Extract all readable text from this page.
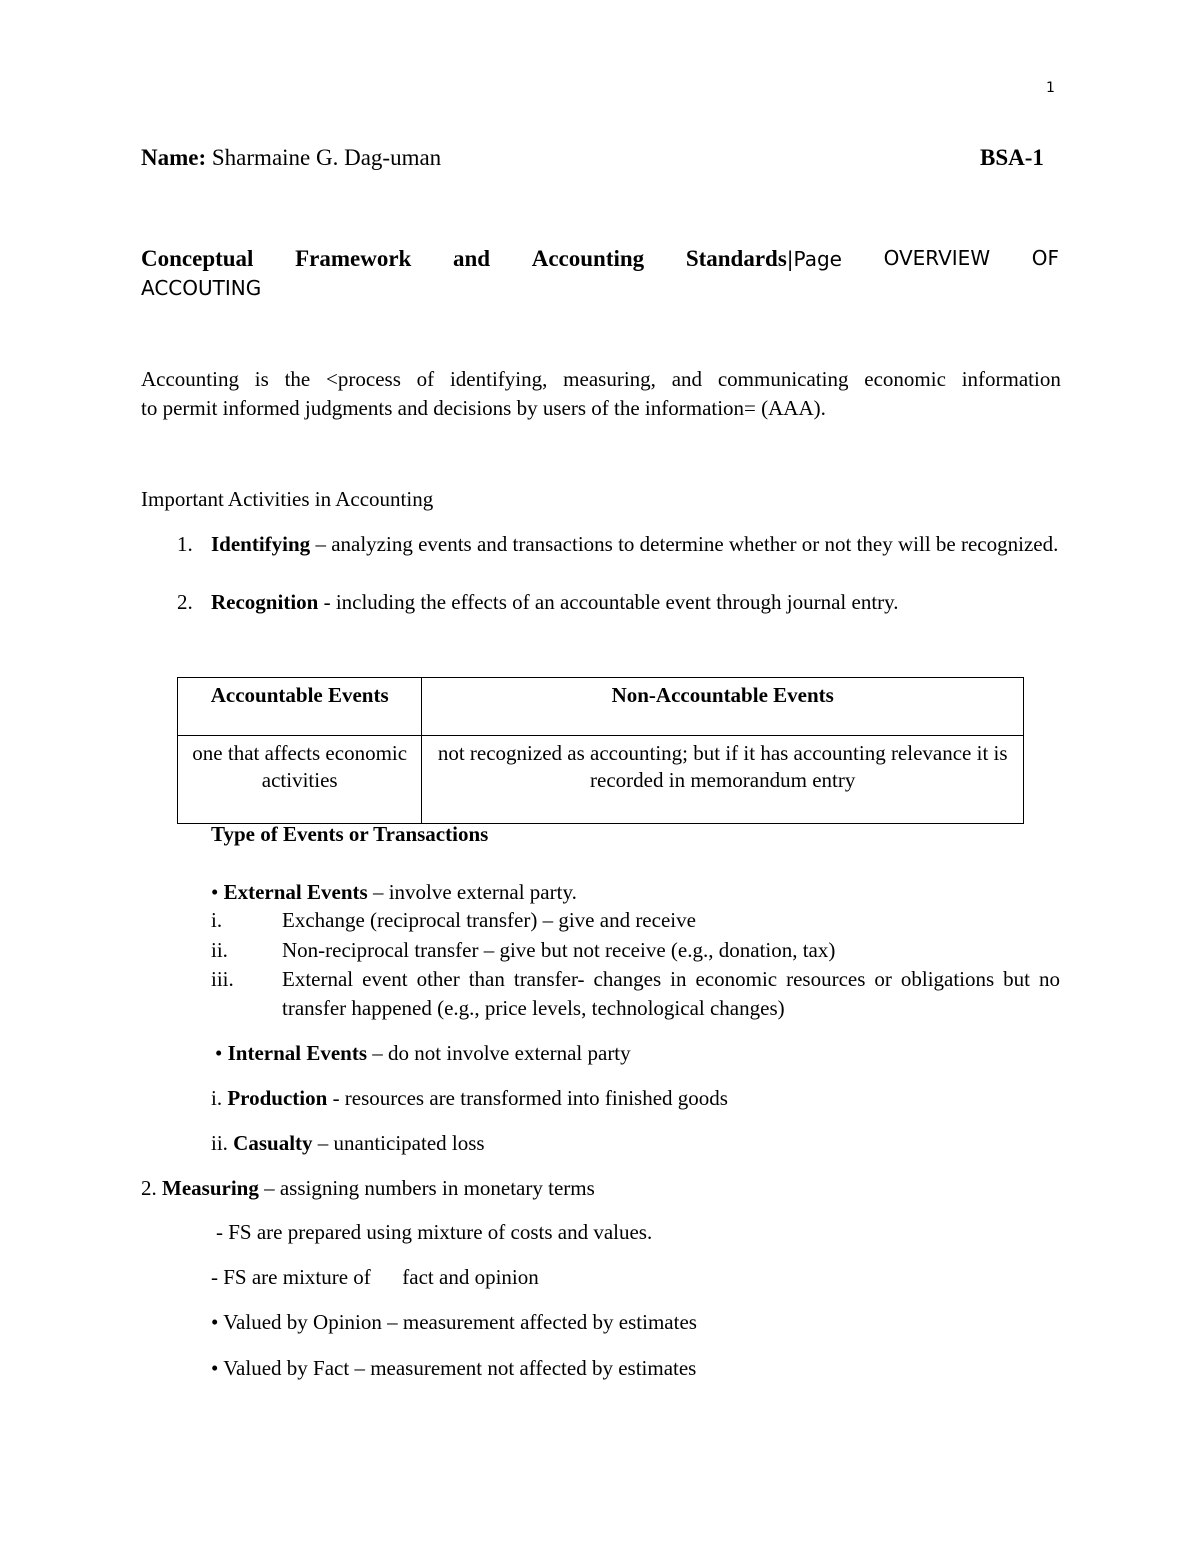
1
Name: Sharmaine G. Dag-uman	BSA-1
Conceptual Framework and Accounting Standards|Page OVERVIEW OF
ACCOUTING
Accounting is the <process of identifying, measuring, and communicating economic information
to permit informed judgments and decisions by users of the information= (AAA).
Important Activities in Accounting
1. Identifying – analyzing events and transactions to determine whether or not they will be recognized.
2. Recognition - including the effects of an accountable event through journal entry.
Accountable Events	Non-Accountable Events
one that affects economic activities	not recognized as accounting; but if it has accounting relevance it is recorded in memorandum entry
Type of Events or Transactions
• External Events – involve external party.
i.	Exchange (reciprocal transfer) – give and receive
ii.	Non-reciprocal transfer – give but not receive (e.g., donation, tax)
iii. External event other than transfer- changes in economic resources or obligations but no transfer happened (e.g., price levels, technological changes)
• Internal Events – do not involve external party
i. Production - resources are transformed into finished goods
ii. Casualty – unanticipated loss
2. Measuring – assigning numbers in monetary terms
- FS are prepared using mixture of costs and values.
- FS are mixture of      fact and opinion
• Valued by Opinion – measurement affected by estimates
• Valued by Fact – measurement not affected by estimates
